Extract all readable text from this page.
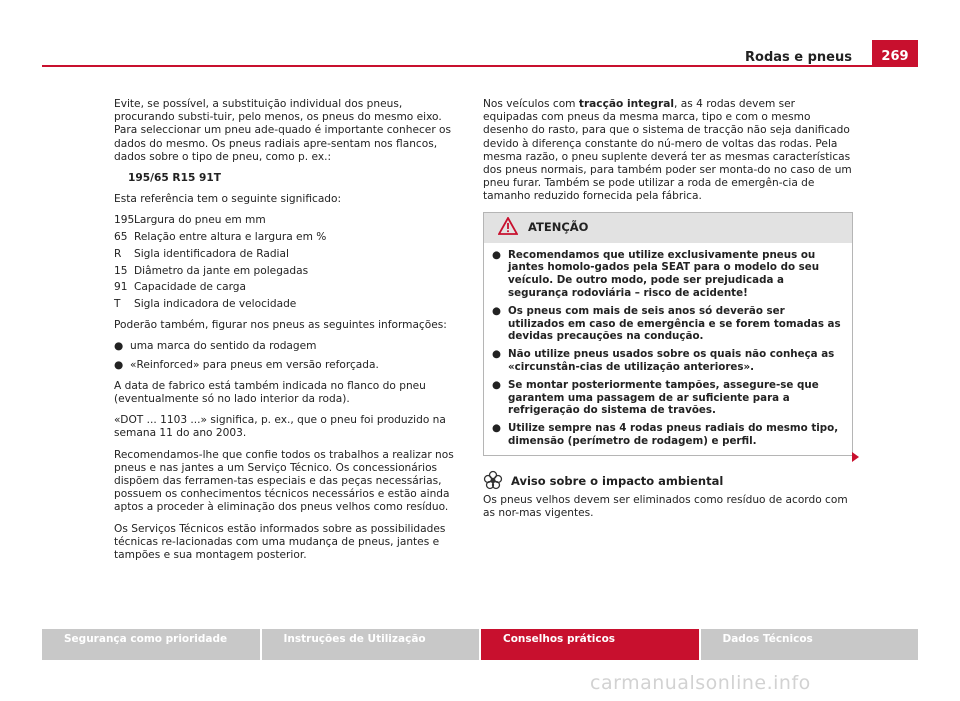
269
Rodas e pneus

Evite, se possível, a substituição individual dos pneus, procurando substi-tuir, pelo menos, os pneus do mesmo eixo. Para seleccionar um pneu ade-quado é importante conhecer os dados do mesmo. Os pneus radiais apre-sentam nos flancos, dados sobre o tipo de pneu, como p. ex.:

195/65 R15 91T

Esta referência tem o seguinte significado:

195 Largura do pneu em mm
65 Relação entre altura e largura em %
R	Sigla identificadora de Radial
15 Diâmetro da jante em polegadas
91 Capacidade de carga
T	Sigla indicadora de velocidade

Poderão também, figurar nos pneus as seguintes informações:

● uma marca do sentido da rodagem
● «Reinforced» para pneus em versão reforçada.

A data de fabrico está também indicada no flanco do pneu (eventualmente só no lado interior da roda).

«DOT ... 1103 ...» significa, p. ex., que o pneu foi produzido na semana 11 do ano 2003.

Recomendamos-lhe que confie todos os trabalhos a realizar nos pneus e nas jantes a um Serviço Técnico. Os concessionários dispõem das ferramen-tas especiais e das peças necessárias, possuem os conhecimentos técnicos necessários e estão ainda aptos a proceder à eliminação dos pneus velhos como resíduo.

Os Serviços Técnicos estão informados sobre as possibilidades técnicas re-lacionadas com uma mudança de pneus, jantes e tampões e sua montagem posterior.

Nos veículos com tracção integral, as 4 rodas devem ser equipadas com pneus da mesma marca, tipo e com o mesmo desenho do rasto, para que o sistema de tracção não seja danificado devido à diferença constante do nú-mero de voltas das rodas. Pela mesma razão, o pneu suplente deverá ter as mesmas características dos pneus normais, para também poder ser monta-do no caso de um pneu furar. Também se pode utilizar a roda de emergên-cia de tamanho reduzido fornecida pela fábrica.

ATENÇÃO
● Recomendamos que utilize exclusivamente pneus ou jantes homolo-gados pela SEAT para o modelo do seu veículo. De outro modo, pode ser prejudicada a segurança rodoviária – risco de acidente!
● Os pneus com mais de seis anos só deverão ser utilizados em caso de emergência e se forem tomadas as devidas precauções na condução.
● Não utilize pneus usados sobre os quais não conheça as «circunstân-cias de utilização anteriores».
● Se montar posteriormente tampões, assegure-se que garantem uma passagem de ar suficiente para a refrigeração do sistema de travões.
● Utilize sempre nas 4 rodas pneus radiais do mesmo tipo, dimensão (perímetro de rodagem) e perfil.
Aviso sobre o impacto ambiental

Os pneus velhos devem ser eliminados como resíduo de acordo com as nor-mas vigentes.

Segurança como prioridade	Instruções de Utilização	Conselhos práticos	Dados Técnicos
carmanualsonline.info
